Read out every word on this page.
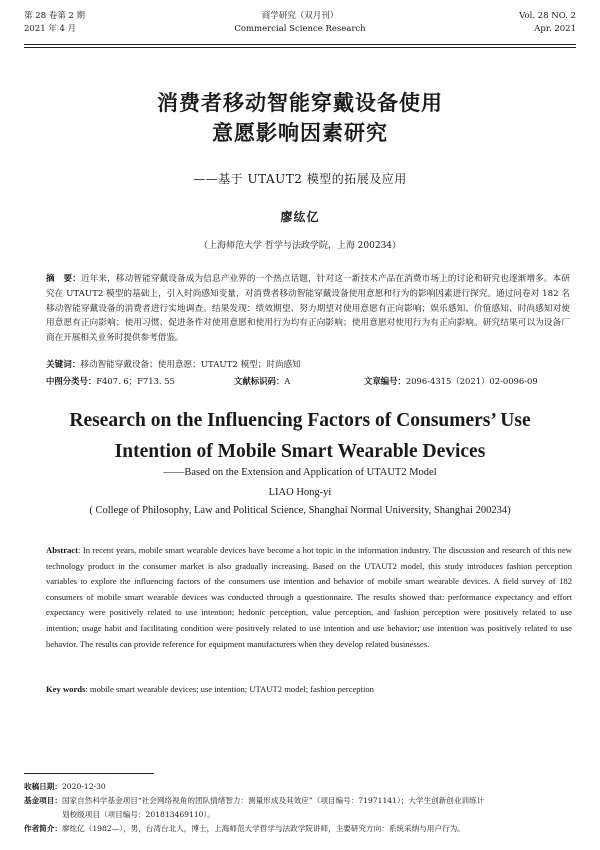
第 28 卷第 2 期	商学研究（双月刊）	Vol. 28 NO. 2
2021 年 4 月	Commercial Science Research	Apr. 2021
消费者移动智能穿戴设备使用
意愿影响因素研究
——基于 UTAUT2 模型的拓展及应用
廖纮亿
（上海师范大学 哲学与法政学院，上海 200234）
摘　要：近年来，移动智能穿戴设备成为信息产业界的一个热点话题，针对这一新技术产品在消费市场上的讨论和研究也逐渐增多。本研究在 UTAUT2 模型的基础上，引入时尚感知变量，对消费者移动智能穿戴设备使用意愿和行为的影响因素进行探究。通过问卷对 182 名移动智能穿戴设备的消费者进行实地调查。结果发现：绩效期望、努力期望对使用意愿有正向影响；娱乐感知、价值感知、时尚感知对使用意愿有正向影响；使用习惯、促进条件对使用意愿和使用行为均有正向影响；使用意愿对使用行为有正向影响。研究结果可以为设备厂商在开展相关业务时提供参考借鉴。
关键词：移动智能穿戴设备；使用意愿；UTAUT2 模型；时尚感知
中图分类号：F407. 6；F713. 55	文献标识码：A	文章编号：2096-4315（2021）02-0096-09
Research on the Influencing Factors of Consumers’ Use
Intention of Mobile Smart Wearable Devices
——Based on the Extension and Application of UTAUT2 Model
LIAO Hong-yi
( College of Philosophy, Law and Political Science, Shanghai Normal University, Shanghai 200234)
Abstract: In recent years, mobile smart wearable devices have become a hot topic in the information industry. The discussion and research of this new technology product in the consumer market is also gradually increasing. Based on the UTAUT2 model, this study introduces fashion perception variables to explore the influencing factors of the consumers use intention and behavior of mobile smart wearable devices. A field survey of 182 consumers of mobile smart wearable devices was conducted through a questionnaire. The results showed that: performance expectancy and effort expectancy were positively related to use intention; hedonic perception, value perception, and fashion perception were positively related to use intention; usage habit and facilitating condition were positively related to use intention and use behavior; use intention was positively related to use behavior. The results can provide reference for equipment manufacturers when they develop related businesses.
Key words: mobile smart wearable devices; use intention; UTAUT2 model; fashion perception
收稿日期： 2020-12-30
基金项目： 国家自然科学基金项目“社会网络视角的团队情绪智力：测量形成及其效应”（项目编号：71971141）；大学生创新创业训练计
划校级项目（项目编号：201813469110）。
作者简介： 廖纮亿（1982—），男，台湾台北人，博士，上海师范大学哲学与法政学院讲师，主要研究方向：系统采纳与用户行为。
